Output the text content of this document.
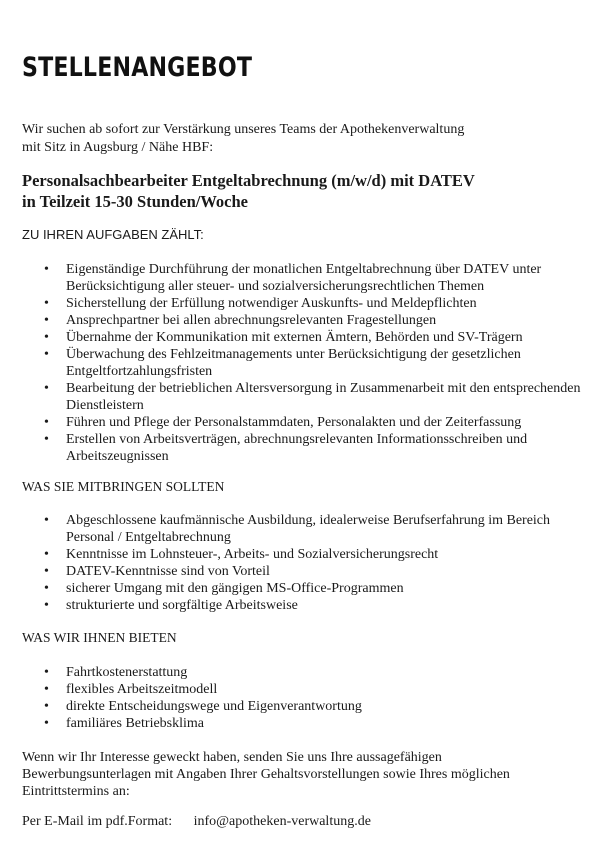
STELLENANGEBOT
Wir suchen ab sofort zur Verstärkung unseres Teams der Apothekenverwaltung
mit Sitz in Augsburg / Nähe HBF:
Personalsachbearbeiter Entgeltabrechnung (m/w/d) mit DATEV
in Teilzeit 15-30 Stunden/Woche
ZU IHREN AUFGABEN ZÄHLT:
• Eigenständige Durchführung der monatlichen Entgeltabrechnung über DATEV unter Berücksichtigung aller steuer- und sozialversicherungsrechtlichen Themen
• Sicherstellung der Erfüllung notwendiger Auskunfts- und Meldepflichten
• Ansprechpartner bei allen abrechnungsrelevanten Fragestellungen
• Übernahme der Kommunikation mit externen Ämtern, Behörden und SV-Trägern
• Überwachung des Fehlzeitmanagements unter Berücksichtigung der gesetzlichen Entgeltfortzahlungsfristen
• Bearbeitung der betrieblichen Altersversorgung in Zusammenarbeit mit den entsprechenden Dienstleistern
• Führen und Pflege der Personalstammdaten, Personalakten und der Zeiterfassung
• Erstellen von Arbeitsverträgen, abrechnungsrelevanten Informationsschreiben und Arbeitszeugnissen
WAS SIE MITBRINGEN SOLLTEN
• Abgeschlossene kaufmännische Ausbildung, idealerweise Berufserfahrung im Bereich Personal / Entgeltabrechnung
• Kenntnisse im Lohnsteuer-, Arbeits- und Sozialversicherungsrecht
• DATEV-Kenntnisse sind von Vorteil
• sicherer Umgang mit den gängigen MS-Office-Programmen
• strukturierte und sorgfältige Arbeitsweise
WAS WIR IHNEN BIETEN
• Fahrtkostenerstattung
• flexibles Arbeitszeitmodell
• direkte Entscheidungswege und Eigenverantwortung
• familiäres Betriebsklima
Wenn wir Ihr Interesse geweckt haben, senden Sie uns Ihre aussagefähigen
Bewerbungsunterlagen mit Angaben Ihrer Gehaltsvorstellungen sowie Ihres möglichen
Eintrittstermins an:
Per E-Mail im pdf.Format: info@apotheken-verwaltung.de
